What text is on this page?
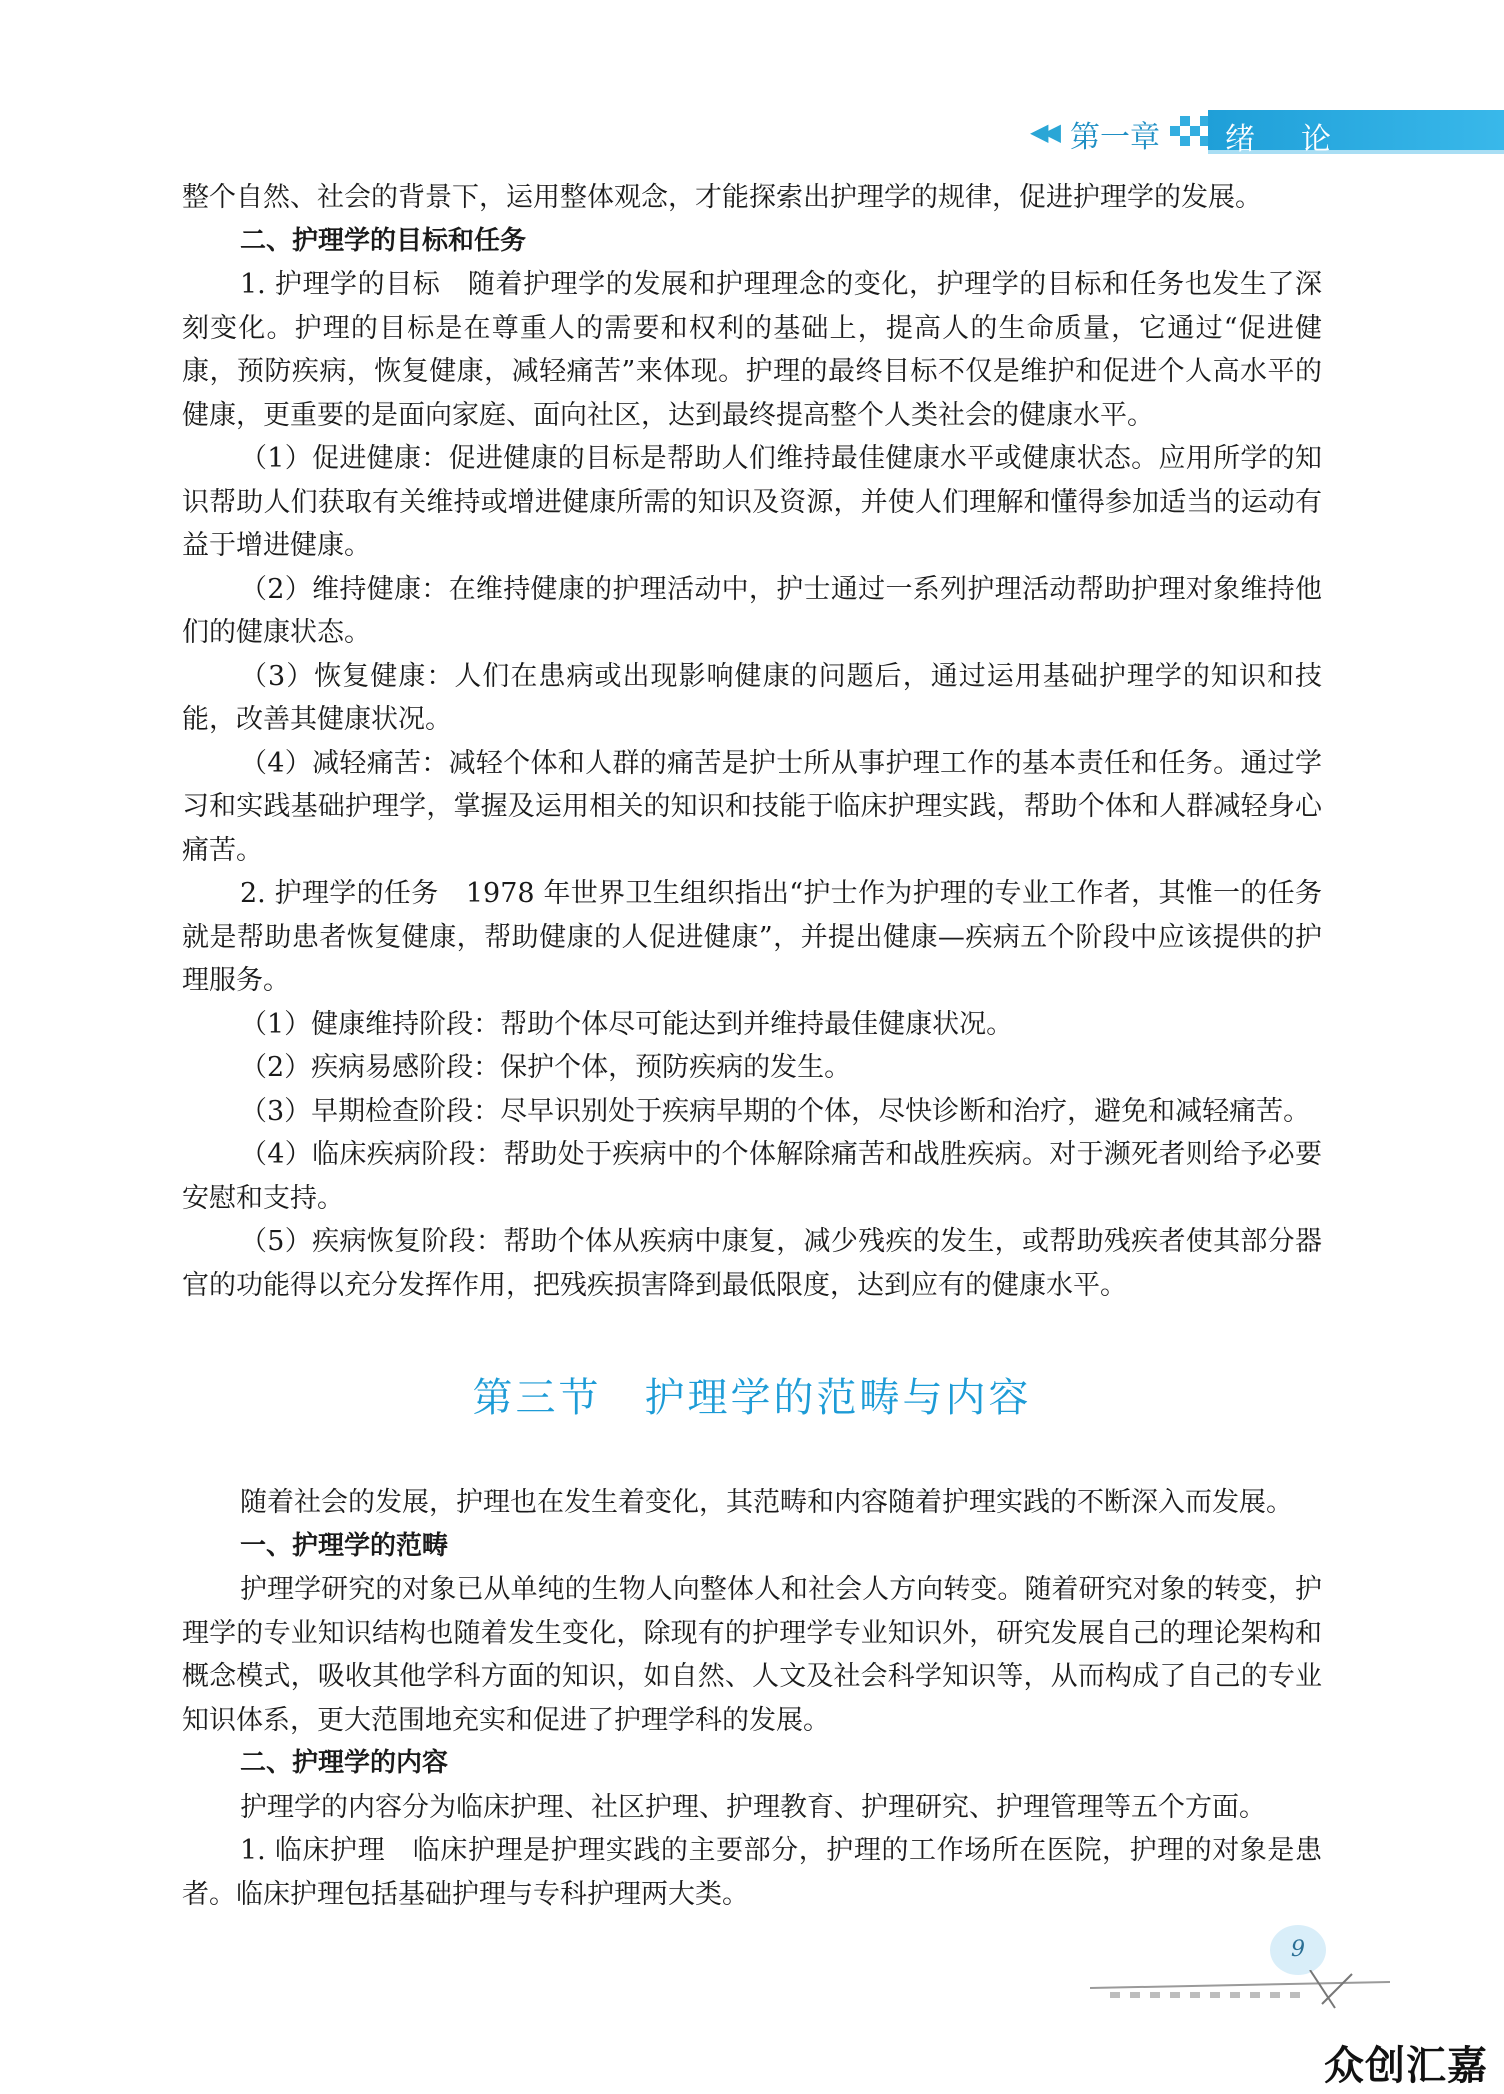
◀◀ 第一章 绪论

整个自然、社会的背景下，运用整体观念，才能探索出护理学的规律，促进护理学的发展。

二、护理学的目标和任务

1. 护理学的目标　随着护理学的发展和护理理念的变化，护理学的目标和任务也发生了深刻变化。护理的目标是在尊重人的需要和权利的基础上，提高人的生命质量，它通过“促进健康，预防疾病，恢复健康，减轻痛苦”来体现。护理的最终目标不仅是维护和促进个人高水平的健康，更重要的是面向家庭、面向社区，达到最终提高整个人类社会的健康水平。

（1）促进健康：促进健康的目标是帮助人们维持最佳健康水平或健康状态。应用所学的知识帮助人们获取有关维持或增进健康所需的知识及资源，并使人们理解和懂得参加适当的运动有益于增进健康。

（2）维持健康：在维持健康的护理活动中，护士通过一系列护理活动帮助护理对象维持他们的健康状态。

（3）恢复健康：人们在患病或出现影响健康的问题后，通过运用基础护理学的知识和技能，改善其健康状况。

（4）减轻痛苦：减轻个体和人群的痛苦是护士所从事护理工作的基本责任和任务。通过学习和实践基础护理学，掌握及运用相关的知识和技能于临床护理实践，帮助个体和人群减轻身心痛苦。

2. 护理学的任务　1978 年世界卫生组织指出“护士作为护理的专业工作者，其惟一的任务就是帮助患者恢复健康，帮助健康的人促进健康”，并提出健康—疾病五个阶段中应该提供的护理服务。

（1）健康维持阶段：帮助个体尽可能达到并维持最佳健康状况。

（2）疾病易感阶段：保护个体，预防疾病的发生。

（3）早期检查阶段：尽早识别处于疾病早期的个体，尽快诊断和治疗，避免和减轻痛苦。

（4）临床疾病阶段：帮助处于疾病中的个体解除痛苦和战胜疾病。对于濒死者则给予必要安慰和支持。

（5）疾病恢复阶段：帮助个体从疾病中康复，减少残疾的发生，或帮助残疾者使其部分器官的功能得以充分发挥作用，把残疾损害降到最低限度，达到应有的健康水平。

第三节　护理学的范畴与内容

随着社会的发展，护理也在发生着变化，其范畴和内容随着护理实践的不断深入而发展。

一、护理学的范畴

护理学研究的对象已从单纯的生物人向整体人和社会人方向转变。随着研究对象的转变，护理学的专业知识结构也随着发生变化，除现有的护理学专业知识外，研究发展自己的理论架构和概念模式，吸收其他学科方面的知识，如自然、人文及社会科学知识等，从而构成了自己的专业知识体系，更大范围地充实和促进了护理学科的发展。

二、护理学的内容

护理学的内容分为临床护理、社区护理、护理教育、护理研究、护理管理等五个方面。

1. 临床护理　临床护理是护理实践的主要部分，护理的工作场所在医院，护理的对象是患者。临床护理包括基础护理与专科护理两大类。

9
众创汇嘉
